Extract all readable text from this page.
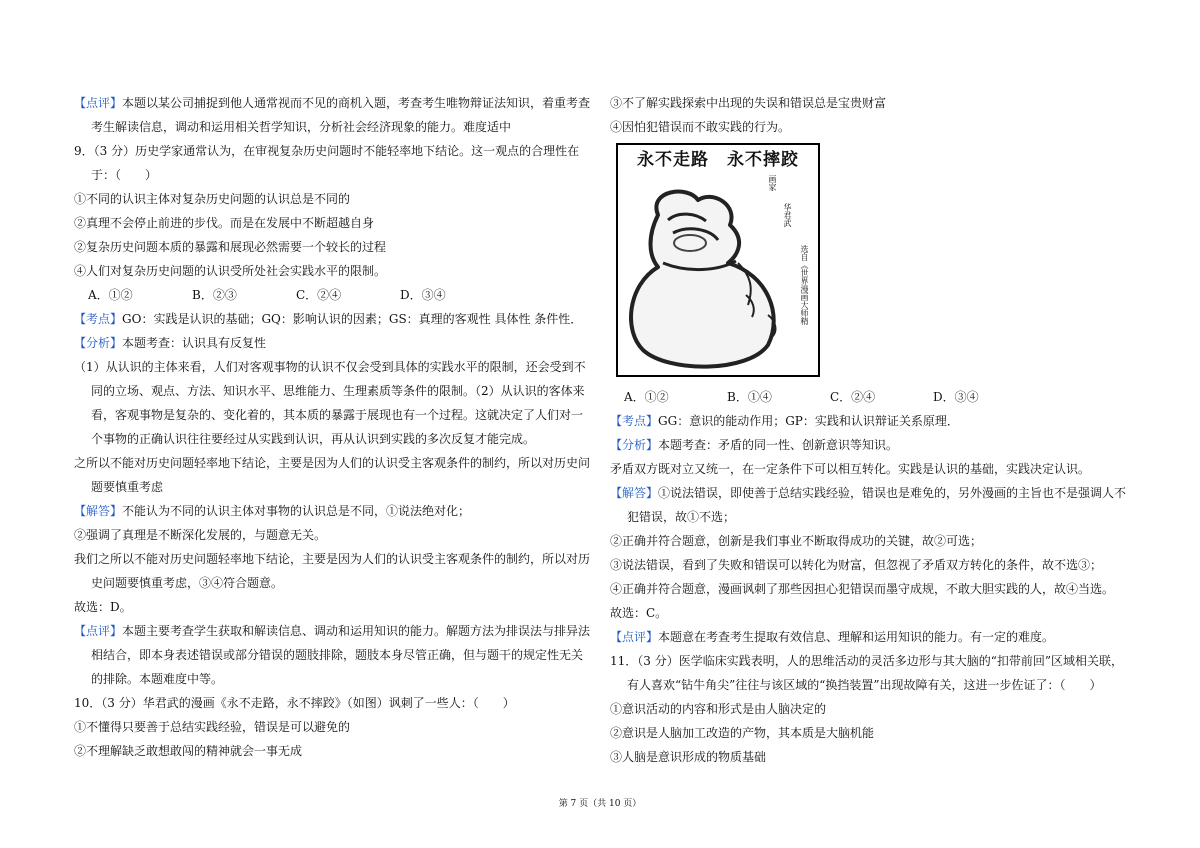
【点评】本题以某公司捕捉到他人通常视而不见的商机入题，考查考生唯物辩证法知识，着重考查
考生解读信息，调动和运用相关哲学知识，分析社会经济现象的能力。难度适中
9．（3 分）历史学家通常认为，在审视复杂历史问题时不能轻率地下结论。这一观点的合理性在
于：（　　）
①不同的认识主体对复杂历史问题的认识总是不同的
②真理不会停止前进的步伐。而是在发展中不断超越自身
②复杂历史问题本质的暴露和展现必然需要一个较长的过程
④人们对复杂历史问题的认识受所处社会实践水平的限制。
A．①②	B．②③	C．②④	D．③④
【考点】GO：实践是认识的基础；GQ：影响认识的因素；GS：真理的客观性 具体性 条件性．
【分析】本题考查：认识具有反复性
（1）从认识的主体来看，人们对客观事物的认识不仅会受到具体的实践水平的限制，还会受到不
同的立场、观点、方法、知识水平、思维能力、生理素质等条件的限制。（2）从认识的客体来
看，客观事物是复杂的、变化着的，其本质的暴露于展现也有一个过程。这就决定了人们对一
个事物的正确认识往往要经过从实践到认识，再从认识到实践的多次反复才能完成。
之所以不能对历史问题轻率地下结论，主要是因为人们的认识受主客观条件的制约，所以对历史问
题要慎重考虑
【解答】不能认为不同的认识主体对事物的认识总是不同，①说法绝对化；
②强调了真理是不断深化发展的，与题意无关。
我们之所以不能对历史问题轻率地下结论，主要是因为人们的认识受主客观条件的制约，所以对历
史问题要慎重考虑，③④符合题意。
故选：D。
【点评】本题主要考查学生获取和解读信息、调动和运用知识的能力。解题方法为排误法与排异法
相结合，即本身表述错误或部分错误的题肢排除，题肢本身尽管正确，但与题干的规定性无关
的排除。本题难度中等。
10．（3 分）华君武的漫画《永不走路，永不摔跤》（如图）讽刺了一些人：（　　）
①不懂得只要善于总结实践经验，错误是可以避免的
②不理解缺乏敢想敢闯的精神就会一事无成
③不了解实践探索中出现的失误和错误总是宝贵财富
④因怕犯错误而不敢实践的行为。
永不走路　永不摔跤
画家
华君武
选自《世界漫画大师精
A．①②	B．①④	C．②④	D．③④
【考点】GG：意识的能动作用；GP：实践和认识辩证关系原理．
【分析】本题考查：矛盾的同一性、创新意识等知识。
矛盾双方既对立又统一，在一定条件下可以相互转化。实践是认识的基础，实践决定认识。
【解答】①说法错误，即使善于总结实践经验，错误也是难免的，另外漫画的主旨也不是强调人不
犯错误，故①不选；
②正确并符合题意，创新是我们事业不断取得成功的关键，故②可选；
③说法错误，看到了失败和错误可以转化为财富，但忽视了矛盾双方转化的条件，故不选③；
④正确并符合题意，漫画讽刺了那些因担心犯错误而墨守成规，不敢大胆实践的人，故④当选。
故选：C。
【点评】本题意在考查考生提取有效信息、理解和运用知识的能力。有一定的难度。
11．（3 分）医学临床实践表明，人的思维活动的灵活多边形与其大脑的“扣带前回”区域相关联，
有人喜欢“钻牛角尖”往往与该区域的“换挡装置”出现故障有关，这进一步佐证了：（　　）
①意识活动的内容和形式是由人脑决定的
②意识是人脑加工改造的产物，其本质是大脑机能
③人脑是意识形成的物质基础
第 7 页（共 10 页）
